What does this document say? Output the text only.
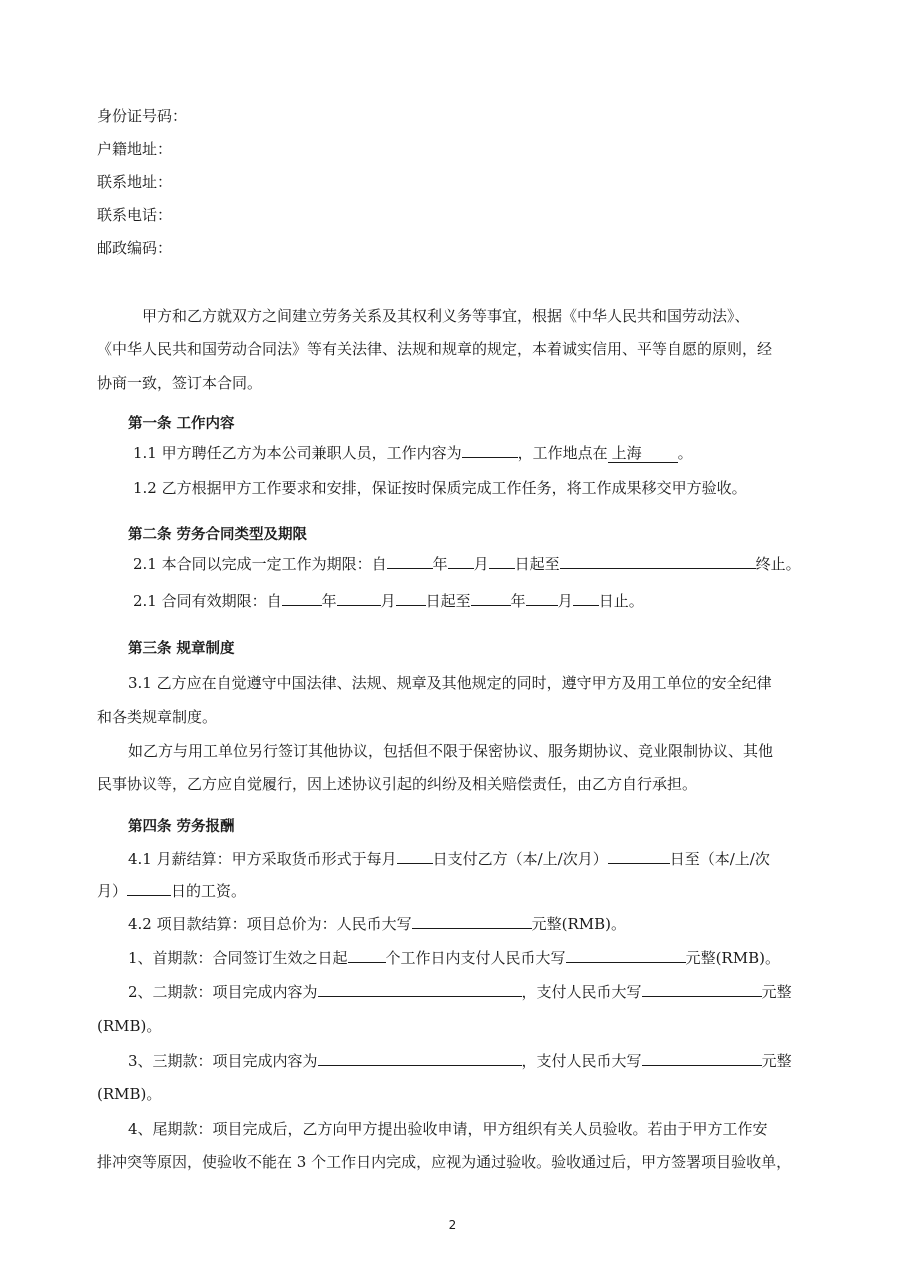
身份证号码：
户籍地址：
联系地址：
联系电话：
邮政编码：
甲方和乙方就双方之间建立劳务关系及其权利义务等事宜，根据《中华人民共和国劳动法》、
《中华人民共和国劳动合同法》等有关法律、法规和规章的规定，本着诚实信用、平等自愿的原则，经
协商一致，签订本合同。
第一条 工作内容
1.1 甲方聘任乙方为本公司兼职人员，工作内容为	，工作地点在 上海 。
1.2 乙方根据甲方工作要求和安排，保证按时保质完成工作任务，将工作成果移交甲方验收。
第二条 劳务合同类型及期限
2.1 本合同以完成一定工作为期限：自	年 月 日起至	终止。
2.1 合同有效期限：自	年	月 日起至	年 月 日止。
第三条 规章制度
3.1 乙方应在自觉遵守中国法律、法规、规章及其他规定的同时，遵守甲方及用工单位的安全纪律
和各类规章制度。
如乙方与用工单位另行签订其他协议，包括但不限于保密协议、服务期协议、竞业限制协议、其他
民事协议等，乙方应自觉履行，因上述协议引起的纠纷及相关赔偿责任，由乙方自行承担。
第四条 劳务报酬
4.1 月薪结算：甲方采取货币形式于每月 日支付乙方（本/上/次月）	日至（本/上/次
月）	日的工资。
4.2 项目款结算：项目总价为：人民币大写	元整(RMB)。
1、首期款：合同签订生效之日起	个工作日内支付人民币大写	元整(RMB)。
2、二期款：项目完成内容为	，支付人民币大写	元整
(RMB)。
3、三期款：项目完成内容为	，支付人民币大写	元整
(RMB)。
4、尾期款：项目完成后，乙方向甲方提出验收申请，甲方组织有关人员验收。若由于甲方工作安
排冲突等原因，使验收不能在 3 个工作日内完成，应视为通过验收。验收通过后，甲方签署项目验收单，
2
